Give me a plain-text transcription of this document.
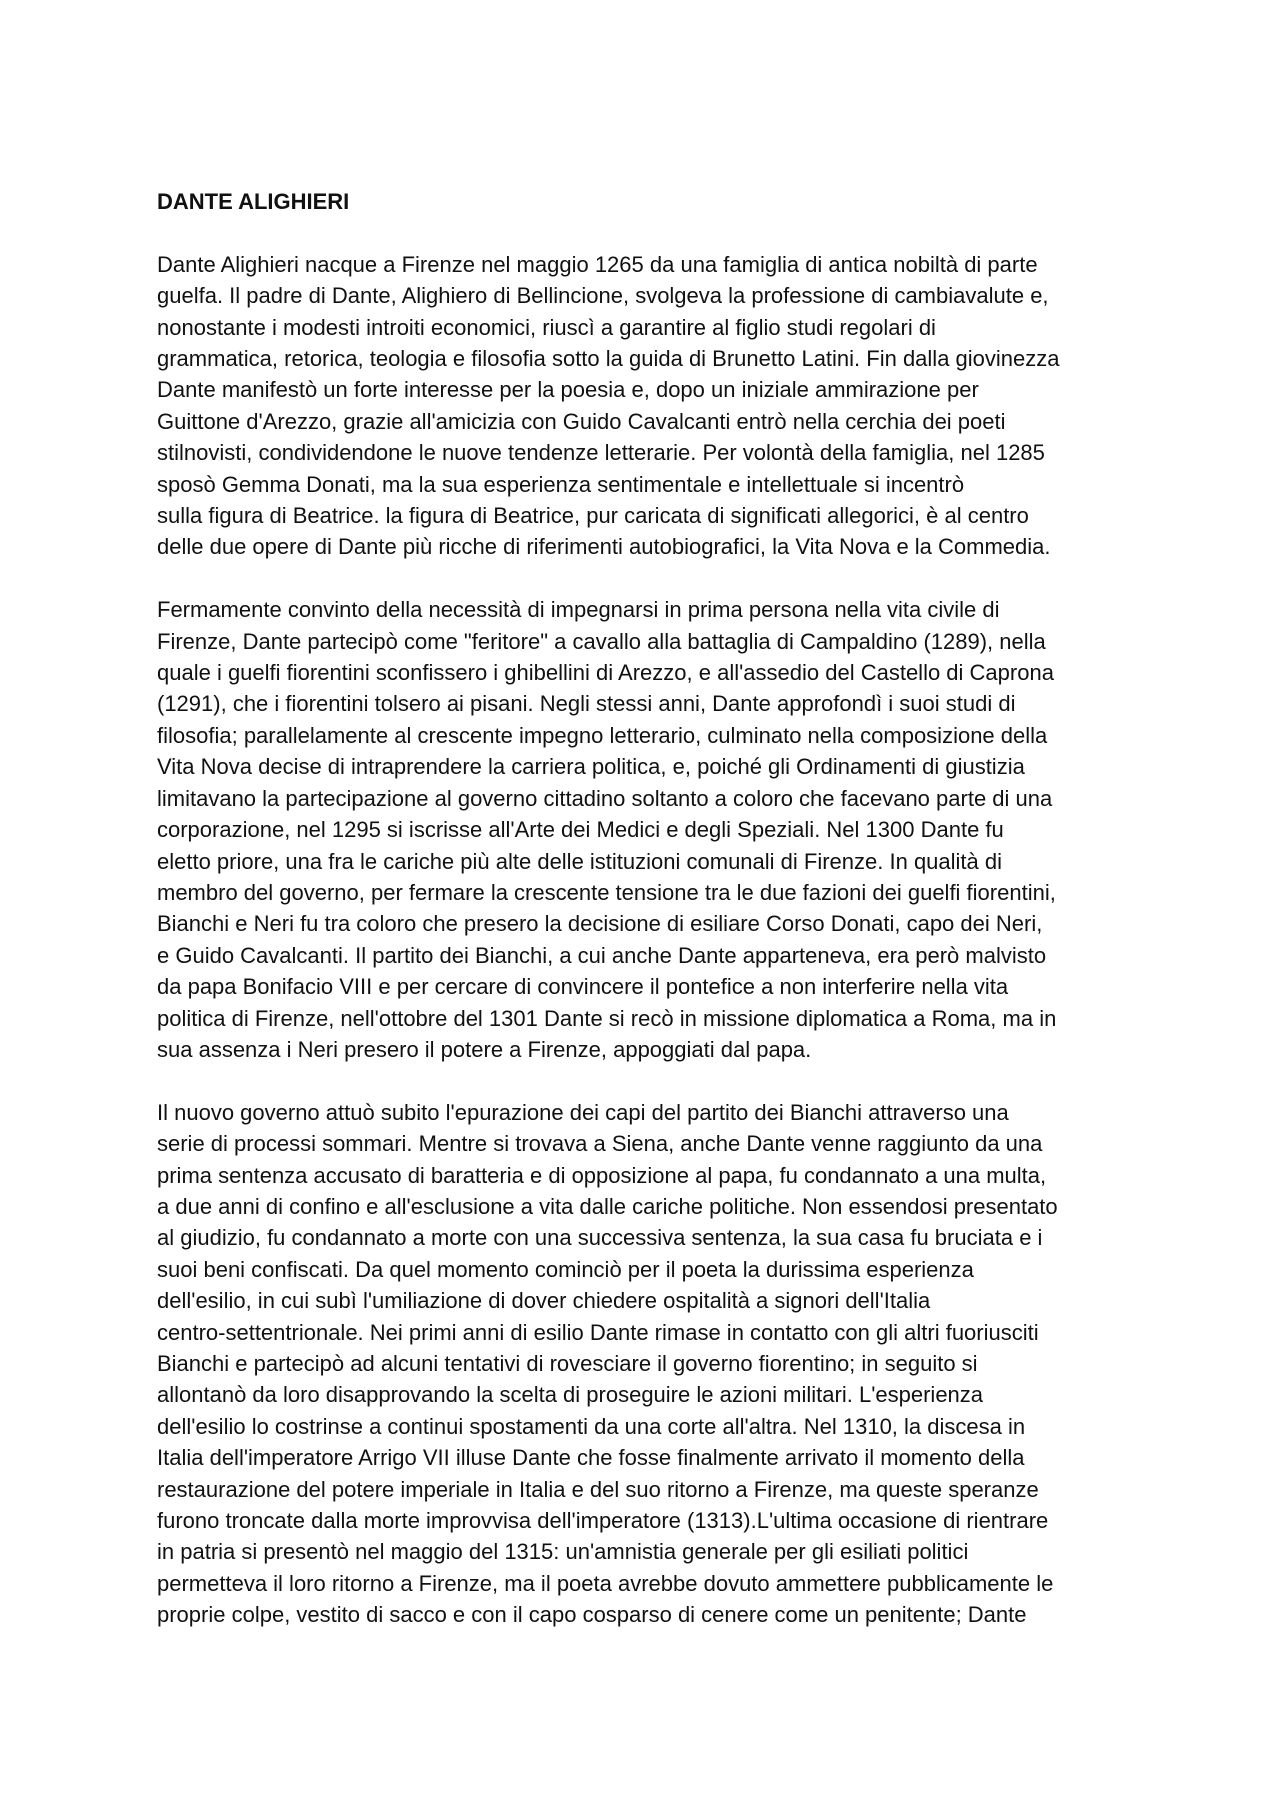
DANTE ALIGHIERI
Dante Alighieri nacque a Firenze nel maggio 1265 da una famiglia di antica nobiltà di parte
guelfa. Il padre di Dante, Alighiero di Bellincione, svolgeva la professione di cambiavalute e,
nonostante i modesti introiti economici, riuscì a garantire al figlio studi regolari di
grammatica, retorica, teologia e filosofia sotto la guida di Brunetto Latini. Fin dalla giovinezza
Dante manifestò un forte interesse per la poesia e, dopo un iniziale ammirazione per
Guittone d'Arezzo, grazie all'amicizia con Guido Cavalcanti entrò nella cerchia dei poeti
stilnovisti, condividendone le nuove tendenze letterarie. Per volontà della famiglia, nel 1285
sposò Gemma Donati, ma la sua esperienza sentimentale e intellettuale si incentrò
sulla figura di Beatrice. la figura di Beatrice, pur caricata di significati allegorici, è al centro
delle due opere di Dante più ricche di riferimenti autobiografici, la Vita Nova e la Commedia.
Fermamente convinto della necessità di impegnarsi in prima persona nella vita civile di
Firenze, Dante partecipò come "feritore" a cavallo alla battaglia di Campaldino (1289), nella
quale i guelfi fiorentini sconfissero i ghibellini di Arezzo, e all'assedio del Castello di Caprona
(1291), che i fiorentini tolsero ai pisani. Negli stessi anni, Dante approfondì i suoi studi di
filosofia; parallelamente al crescente impegno letterario, culminato nella composizione della
Vita Nova decise di intraprendere la carriera politica, e, poiché gli Ordinamenti di giustizia
limitavano la partecipazione al governo cittadino soltanto a coloro che facevano parte di una
corporazione, nel 1295 si iscrisse all'Arte dei Medici e degli Speziali. Nel 1300 Dante fu
eletto priore, una fra le cariche più alte delle istituzioni comunali di Firenze. In qualità di
membro del governo, per fermare la crescente tensione tra le due fazioni dei guelfi fiorentini,
Bianchi e Neri fu tra coloro che presero la decisione di esiliare Corso Donati, capo dei Neri,
e Guido Cavalcanti. Il partito dei Bianchi, a cui anche Dante apparteneva, era però malvisto
da papa Bonifacio VIII e per cercare di convincere il pontefice a non interferire nella vita
politica di Firenze, nell'ottobre del 1301 Dante si recò in missione diplomatica a Roma, ma in
sua assenza i Neri presero il potere a Firenze, appoggiati dal papa.
Il nuovo governo attuò subito l'epurazione dei capi del partito dei Bianchi attraverso una
serie di processi sommari. Mentre si trovava a Siena, anche Dante venne raggiunto da una
prima sentenza accusato di baratteria e di opposizione al papa, fu condannato a una multa,
a due anni di confino e all'esclusione a vita dalle cariche politiche. Non essendosi presentato
al giudizio, fu condannato a morte con una successiva sentenza, la sua casa fu bruciata e i
suoi beni confiscati. Da quel momento cominciò per il poeta la durissima esperienza
dell'esilio, in cui subì l'umiliazione di dover chiedere ospitalità a signori dell'Italia
centro-settentrionale. Nei primi anni di esilio Dante rimase in contatto con gli altri fuoriusciti
Bianchi e partecipò ad alcuni tentativi di rovesciare il governo fiorentino; in seguito si
allontanò da loro disapprovando la scelta di proseguire le azioni militari. L'esperienza
dell'esilio lo costrinse a continui spostamenti da una corte all'altra. Nel 1310, la discesa in
Italia dell'imperatore Arrigo VII illuse Dante che fosse finalmente arrivato il momento della
restaurazione del potere imperiale in Italia e del suo ritorno a Firenze, ma queste speranze
furono troncate dalla morte improvvisa dell'imperatore (1313).L'ultima occasione di rientrare
in patria si presentò nel maggio del 1315: un'amnistia generale per gli esiliati politici
permetteva il loro ritorno a Firenze, ma il poeta avrebbe dovuto ammettere pubblicamente le
proprie colpe, vestito di sacco e con il capo cosparso di cenere come un penitente; Dante
